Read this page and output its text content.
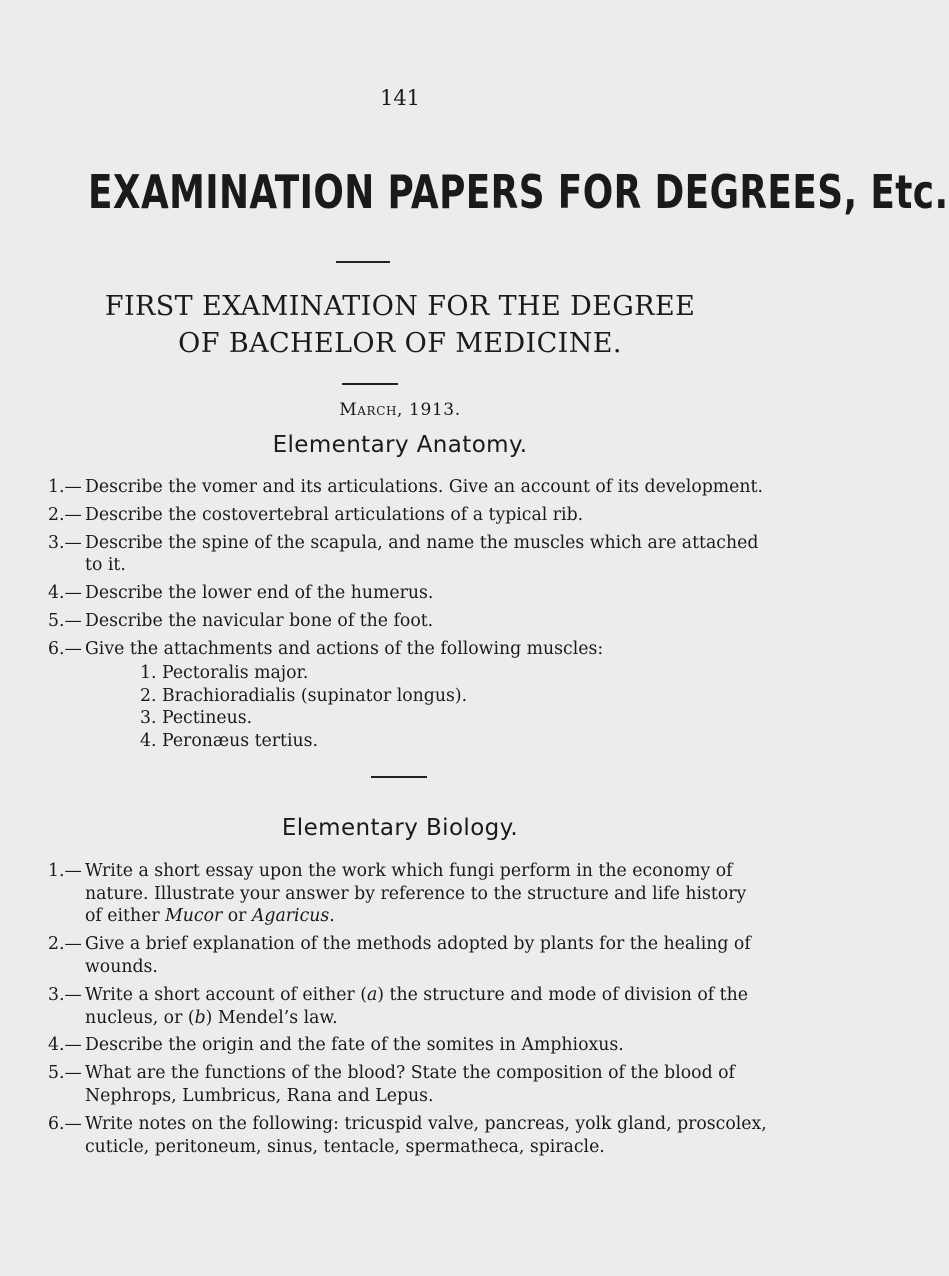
141
EXAMINATION PAPERS FOR DEGREES, Etc.
FIRST EXAMINATION FOR THE DEGREE
OF BACHELOR OF MEDICINE.
March, 1913.
Elementary Anatomy.
1.— Describe the vomer and its articulations. Give an account of its development.
2.— Describe the costovertebral articulations of a typical rib.
3.— Describe the spine of the scapula, and name the muscles which are attached to it.
4.— Describe the lower end of the humerus.
5.— Describe the navicular bone of the foot.
6.— Give the attachments and actions of the following muscles:
1. Pectoralis major.
2. Brachioradialis (supinator longus).
3. Pectineus.
4. Peronæus tertius.
Elementary Biology.
1.— Write a short essay upon the work which fungi perform in the economy of nature. Illustrate your answer by reference to the structure and life history of either Mucor or Agaricus.
2.— Give a brief explanation of the methods adopted by plants for the healing of wounds.
3.— Write a short account of either (a) the structure and mode of division of the nucleus, or (b) Mendel’s law.
4.— Describe the origin and the fate of the somites in Amphioxus.
5.— What are the functions of the blood? State the composition of the blood of Nephrops, Lumbricus, Rana and Lepus.
6.— Write notes on the following: tricuspid valve, pancreas, yolk gland, proscolex, cuticle, peritoneum, sinus, tentacle, spermatheca, spiracle.
